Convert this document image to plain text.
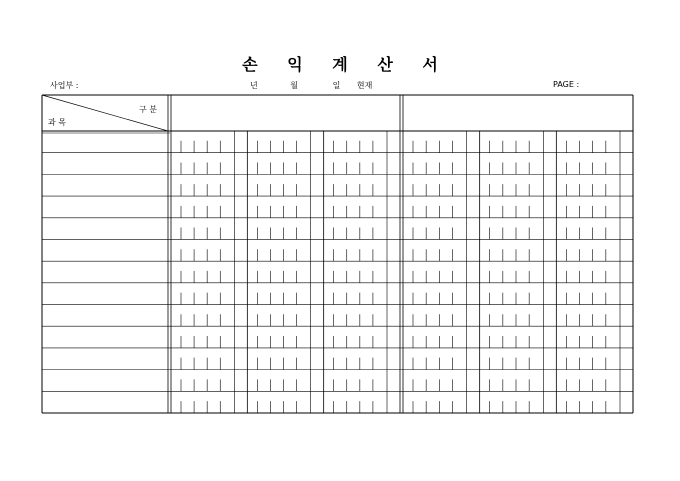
손 익 계 산 서
사업부 :	년	월	일 현재	PAGE :
구 분
과 목
